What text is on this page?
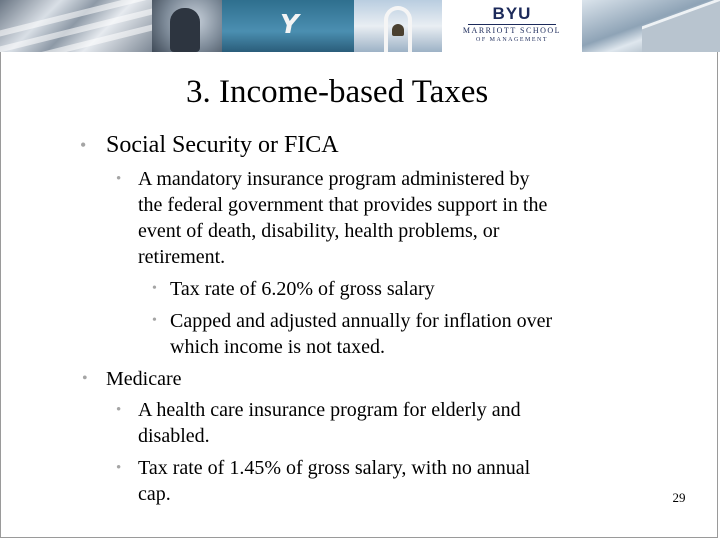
Y	BYU
MARRIOTT SCHOOL
OF MANAGEMENT
3. Income-based Taxes
• Social Security or FICA
• A mandatory insurance program administered by
the federal government that provides support in the
event of death, disability, health problems, or
retirement.
• Tax rate of 6.20% of gross salary
• Capped and adjusted annually for inflation over
which income is not taxed.
• Medicare
• A health care insurance program for elderly and
disabled.
• Tax rate of 1.45% of gross salary, with no annual
cap.	29
